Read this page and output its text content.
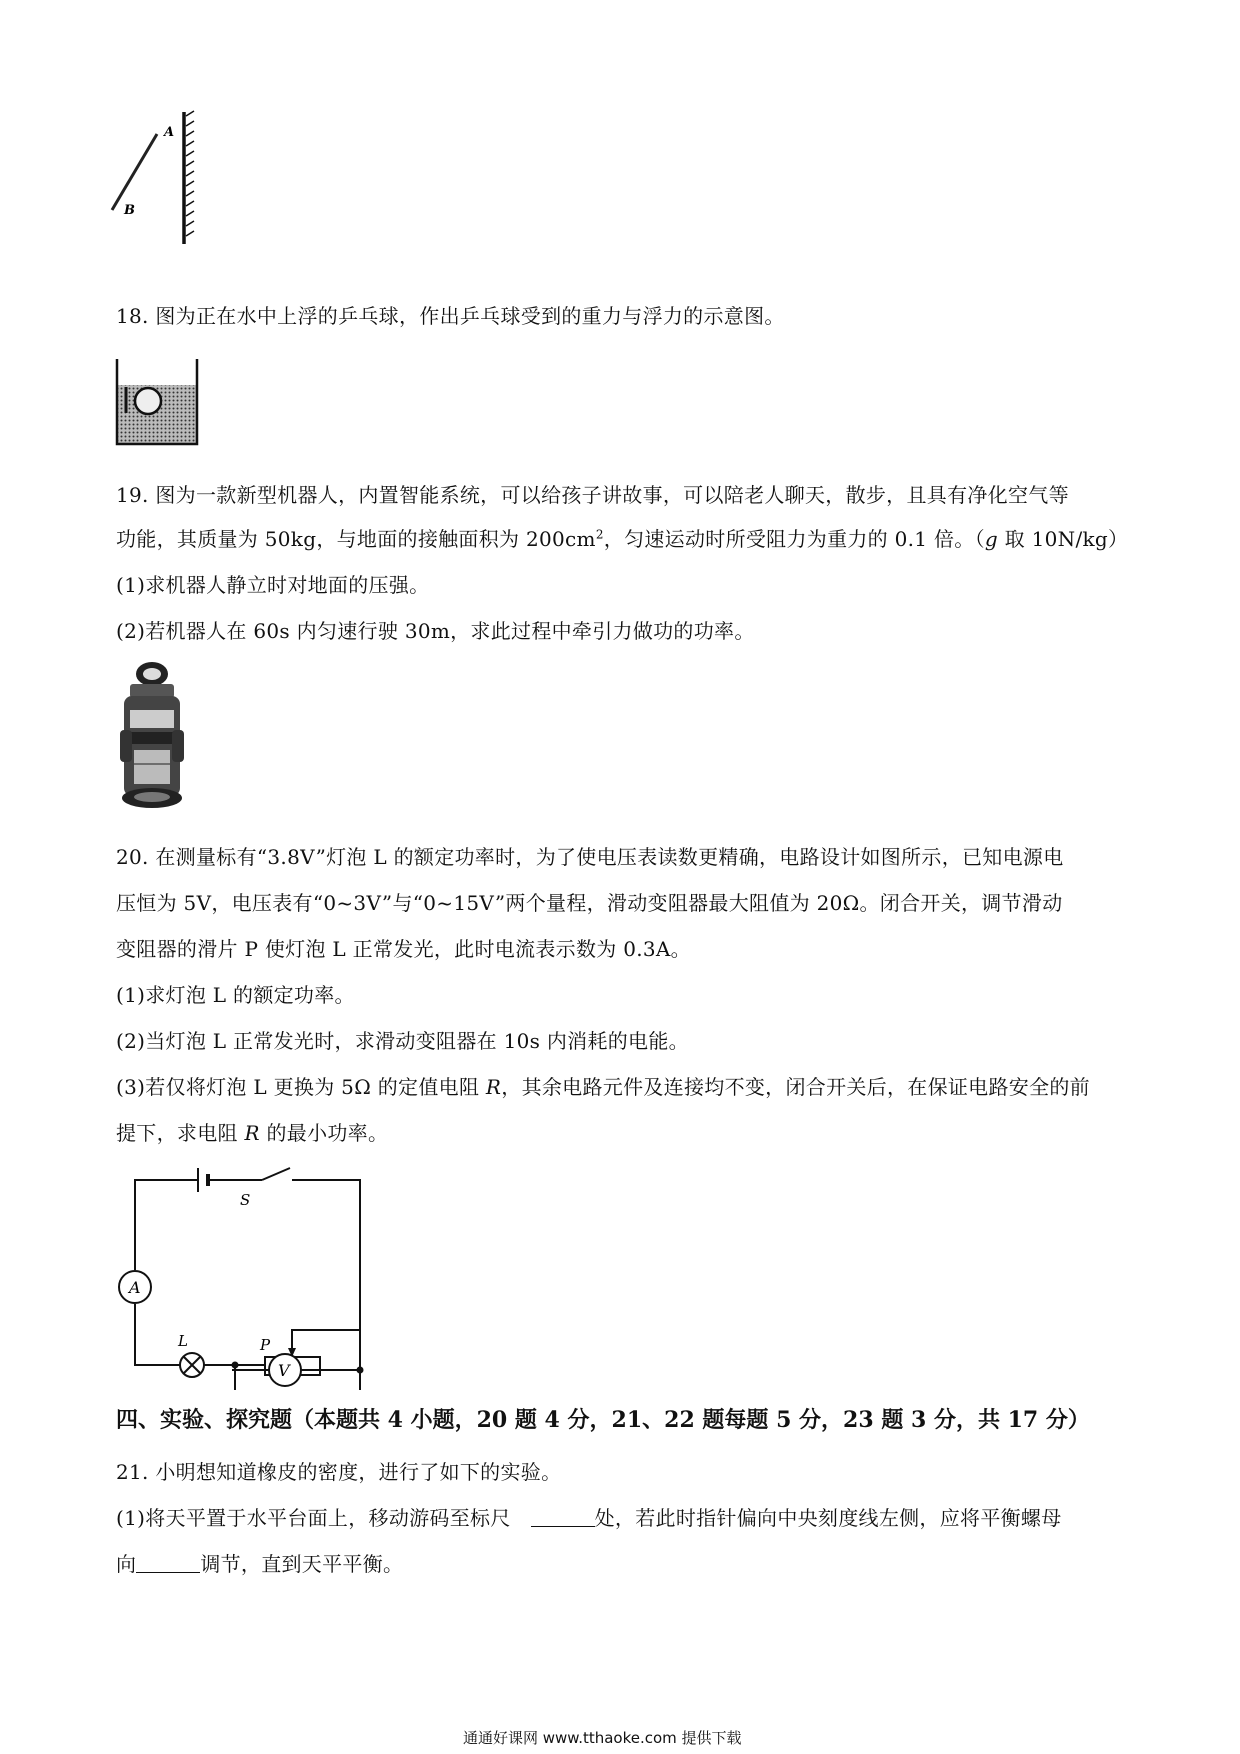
A
B
18. 图为正在水中上浮的乒乓球，作出乒乓球受到的重力与浮力的示意图。
19. 图为一款新型机器人，内置智能系统，可以给孩子讲故事，可以陪老人聊天，散步，且具有净化空气等
功能，其质量为 50kg，与地面的接触面积为 $200cm^2$，匀速运动时所受阻力为重力的 0.1 倍。（g 取 10N/kg）
(1)求机器人静立时对地面的压强。
(2)若机器人在 60s 内匀速行驶 30m，求此过程中牵引力做功的功率。
20. 在测量标有“3.8V”灯泡 L 的额定功率时，为了使电压表读数更精确，电路设计如图所示，已知电源电
压恒为 5V，电压表有“0~3V”与“0~15V”两个量程，滑动变阻器最大阻值为 20Ω。闭合开关，调节滑动
变阻器的滑片 P 使灯泡 L 正常发光，此时电流表示数为 0.3A。
(1)求灯泡 L 的额定功率。
(2)当灯泡 L 正常发光时，求滑动变阻器在 10s 内消耗的电能。
(3)若仅将灯泡 L 更换为 5Ω 的定值电阻 R，其余电路元件及连接均不变，闭合开关后，在保证电路安全的前
提下，求电阻 R 的最小功率。
A
L
S
P
V
四、实验、探究题（本题共 4 小题，20 题 4 分，21、22 题每题 5 分，23 题 3 分，共 17 分）
21. 小明想知道橡皮的密度，进行了如下的实验。
(1)将天平置于水平台面上，移动游码至标尺	处，若此时指针偏向中央刻度线左侧，应将平衡螺母
向	调节，直到天平平衡。
通通好课网 www.tthaoke.com 提供下载
